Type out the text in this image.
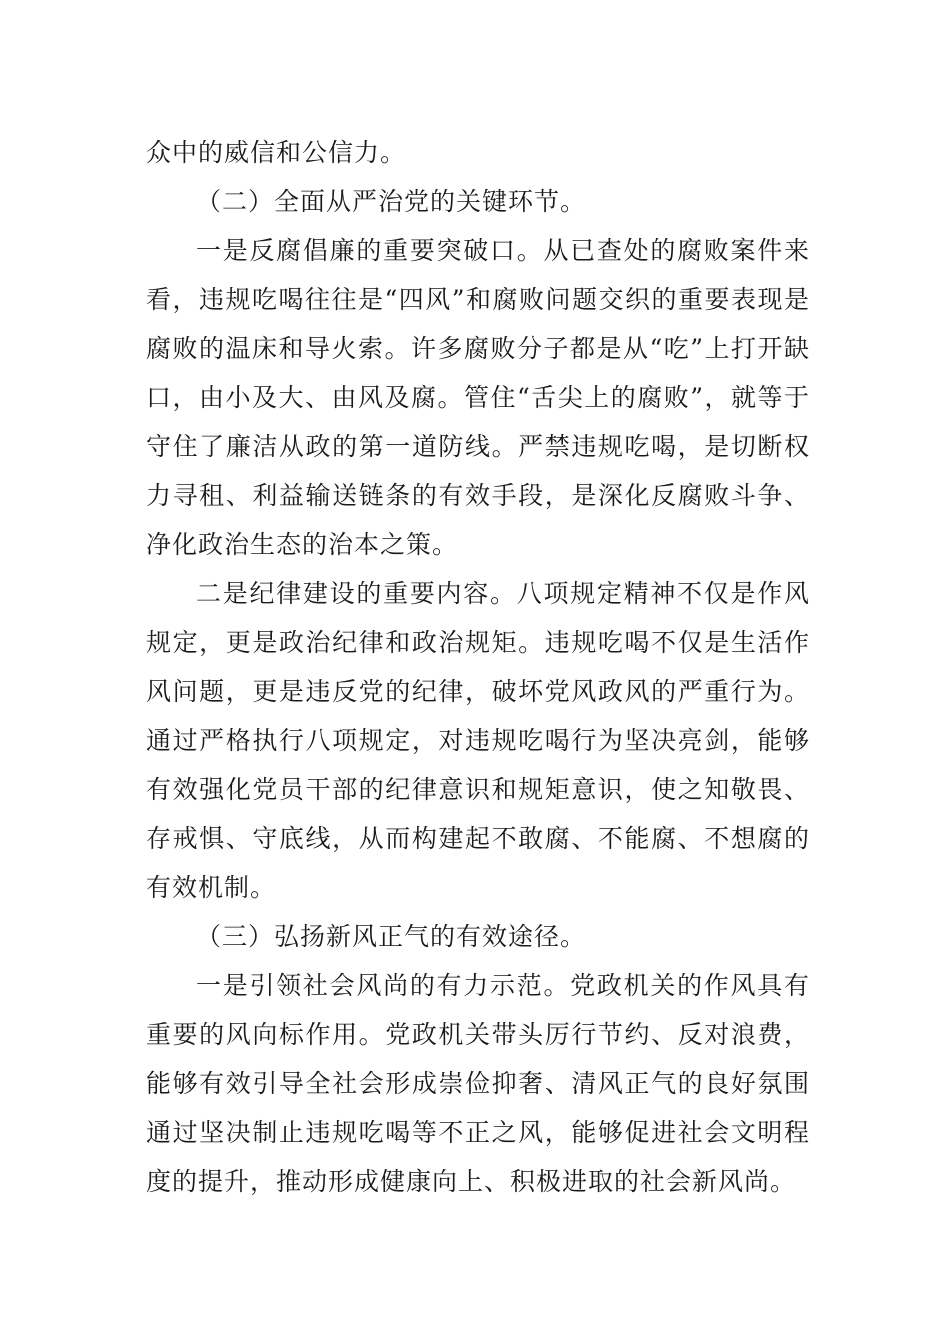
众中的威信和公信力。

（二）全面从严治党的关键环节。

一是反腐倡廉的重要突破口。从已查处的腐败案件来看，违规吃喝往往是“四风”和腐败问题交织的重要表现是腐败的温床和导火索。许多腐败分子都是从“吃”上打开缺口，由小及大、由风及腐。管住“舌尖上的腐败”，就等于守住了廉洁从政的第一道防线。严禁违规吃喝，是切断权力寻租、利益输送链条的有效手段，是深化反腐败斗争、净化政治生态的治本之策。

二是纪律建设的重要内容。八项规定精神不仅是作风规定，更是政治纪律和政治规矩。违规吃喝不仅是生活作风问题，更是违反党的纪律，破坏党风政风的严重行为。通过严格执行八项规定，对违规吃喝行为坚决亮剑，能够有效强化党员干部的纪律意识和规矩意识，使之知敬畏、存戒惧、守底线，从而构建起不敢腐、不能腐、不想腐的有效机制。

（三）弘扬新风正气的有效途径。

一是引领社会风尚的有力示范。党政机关的作风具有重要的风向标作用。党政机关带头厉行节约、反对浪费，能够有效引导全社会形成崇俭抑奢、清风正气的良好氛围通过坚决制止违规吃喝等不正之风，能够促进社会文明程度的提升，推动形成健康向上、积极进取的社会新风尚。
